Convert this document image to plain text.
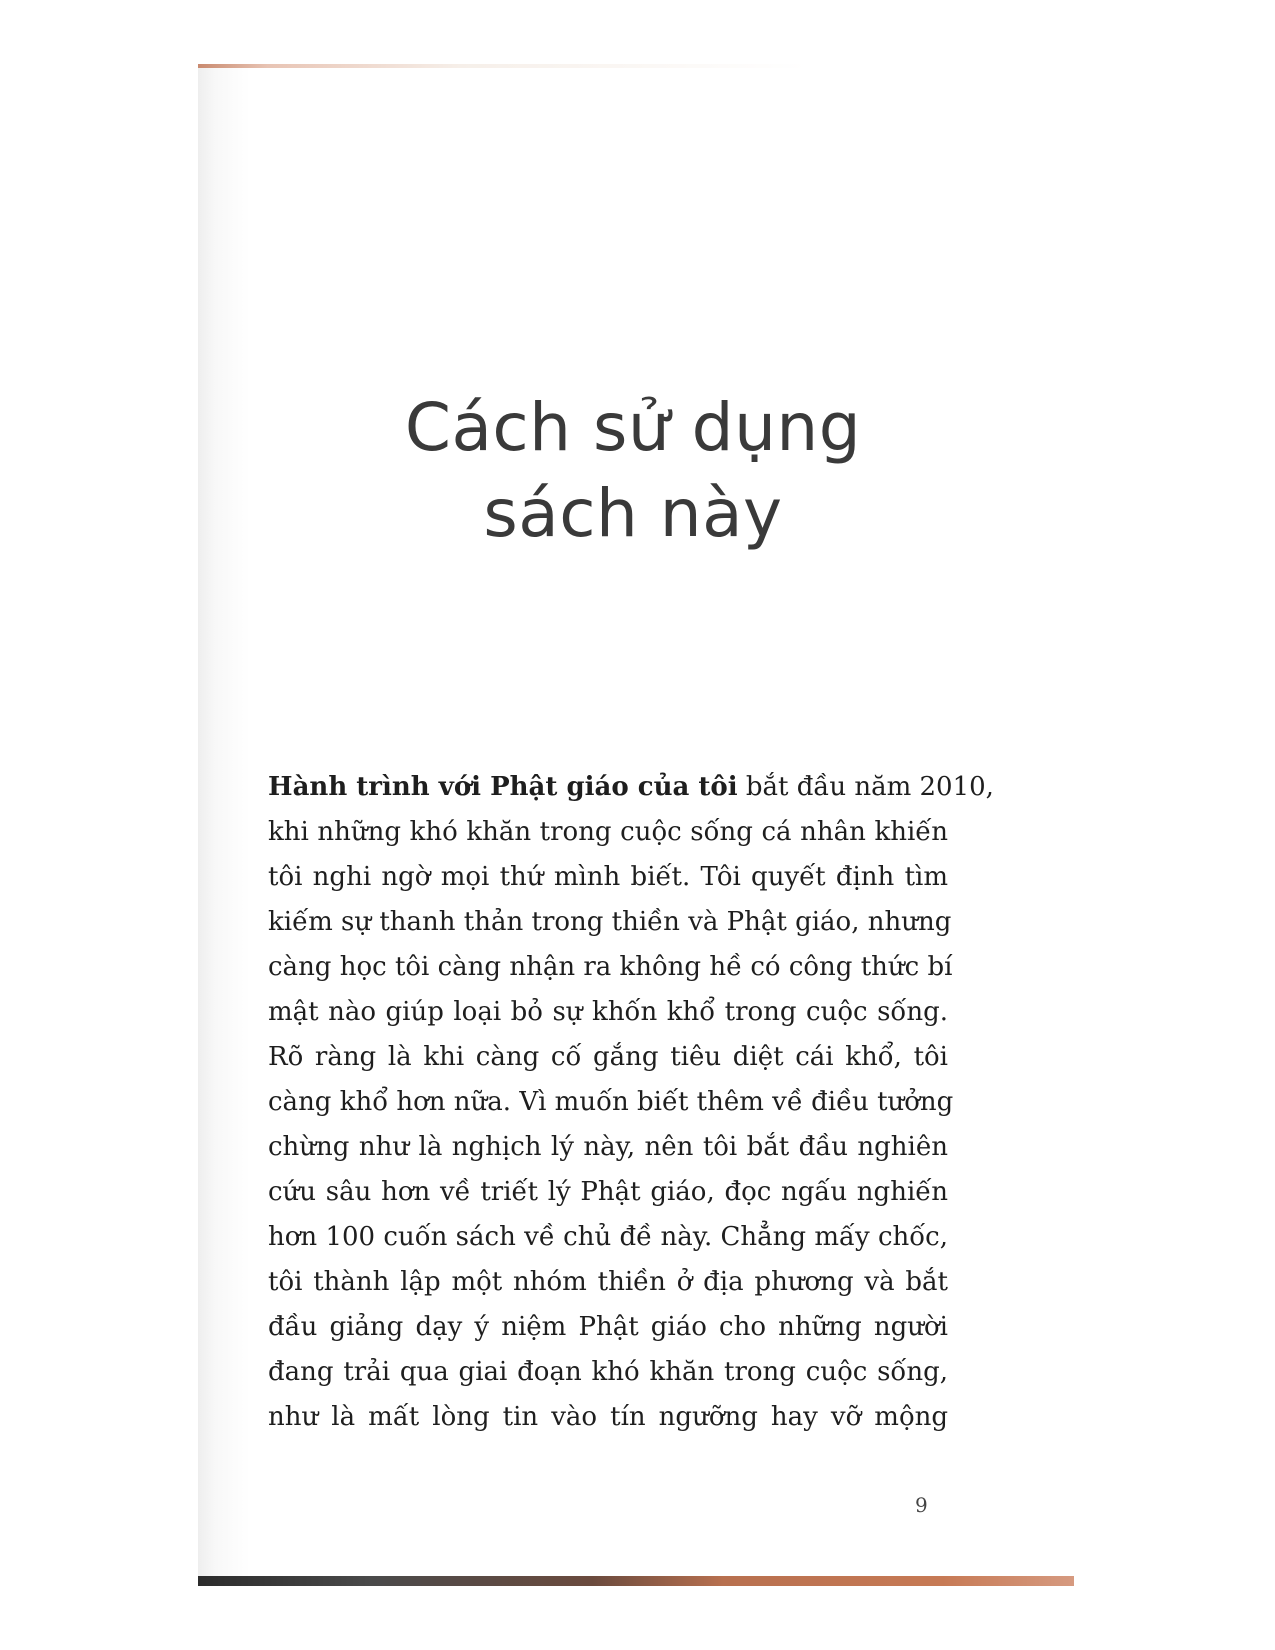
Cách sử dụng
sách này
Hành trình với Phật giáo của tôi bắt đầu năm 2010,
khi những khó khăn trong cuộc sống cá nhân khiến
tôi nghi ngờ mọi thứ mình biết. Tôi quyết định tìm
kiếm sự thanh thản trong thiền và Phật giáo, nhưng
càng học tôi càng nhận ra không hề có công thức bí
mật nào giúp loại bỏ sự khốn khổ trong cuộc sống.
Rõ ràng là khi càng cố gắng tiêu diệt cái khổ, tôi
càng khổ hơn nữa. Vì muốn biết thêm về điều tưởng
chừng như là nghịch lý này, nên tôi bắt đầu nghiên
cứu sâu hơn về triết lý Phật giáo, đọc ngấu nghiến
hơn 100 cuốn sách về chủ đề này. Chẳng mấy chốc,
tôi thành lập một nhóm thiền ở địa phương và bắt
đầu giảng dạy ý niệm Phật giáo cho những người
đang trải qua giai đoạn khó khăn trong cuộc sống,
như là mất lòng tin vào tín ngưỡng hay vỡ mộng
9
